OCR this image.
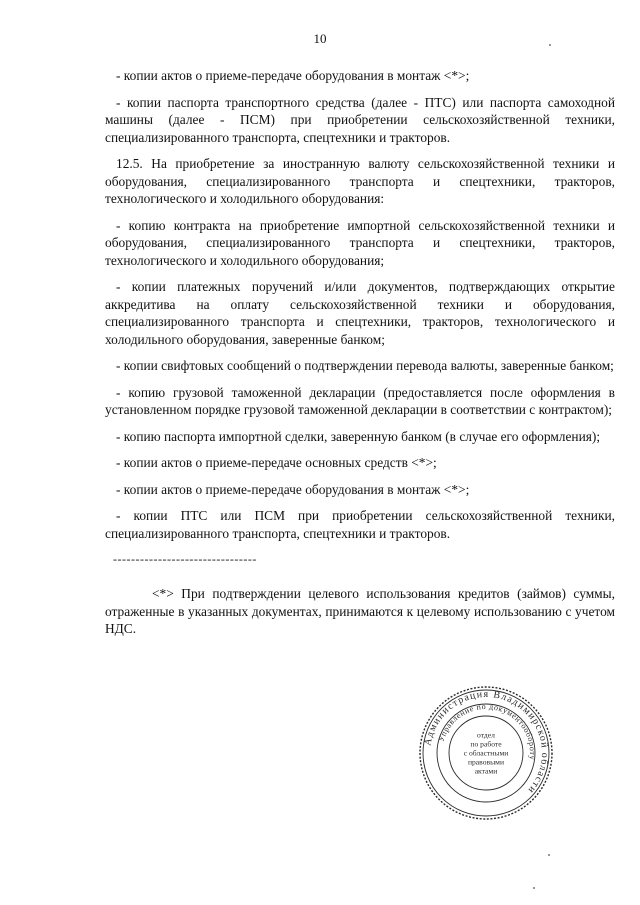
10

- копии актов о приеме-передаче оборудования в монтаж <*>;

- копии паспорта транспортного средства (далее - ПТС) или паспорта самоходной машины (далее - ПСМ) при приобретении сельскохозяйственной техники, специализированного транспорта, спецтехники и тракторов.

12.5. На приобретение за иностранную валюту сельскохозяйственной техники и оборудования, специализированного транспорта и спецтехники, тракторов, технологического и холодильного оборудования:

- копию контракта на приобретение импортной сельскохозяйственной техники и оборудования, специализированного транспорта и спецтехники, тракторов, технологического и холодильного оборудования;

- копии платежных поручений и/или документов, подтверждающих открытие аккредитива на оплату сельскохозяйственной техники и оборудования, специализированного транспорта и спецтехники, тракторов, технологического и холодильного оборудования, заверенные банком;

- копии свифтовых сообщений о подтверждении перевода валюты, заверенные банком;

- копию грузовой таможенной декларации (предоставляется после оформления в установленном порядке грузовой таможенной декларации в соответствии с контрактом);

- копию паспорта импортной сделки, заверенную банком (в случае его оформления);

- копии актов о приеме-передаче основных средств <*>;

- копии актов о приеме-передаче оборудования в монтаж <*>;

- копии ПТС или ПСМ при приобретении сельскохозяйственной техники, специализированного транспорта, спецтехники и тракторов.

--------------------------------

<*> При подтверждении целевого использования кредитов (займов) суммы, отраженные в указанных документах, принимаются к целевому использованию с учетом НДС.

Администрация Владимирской области
Управление по документообороту
отдел
по работе
с областными
правовыми
актами
